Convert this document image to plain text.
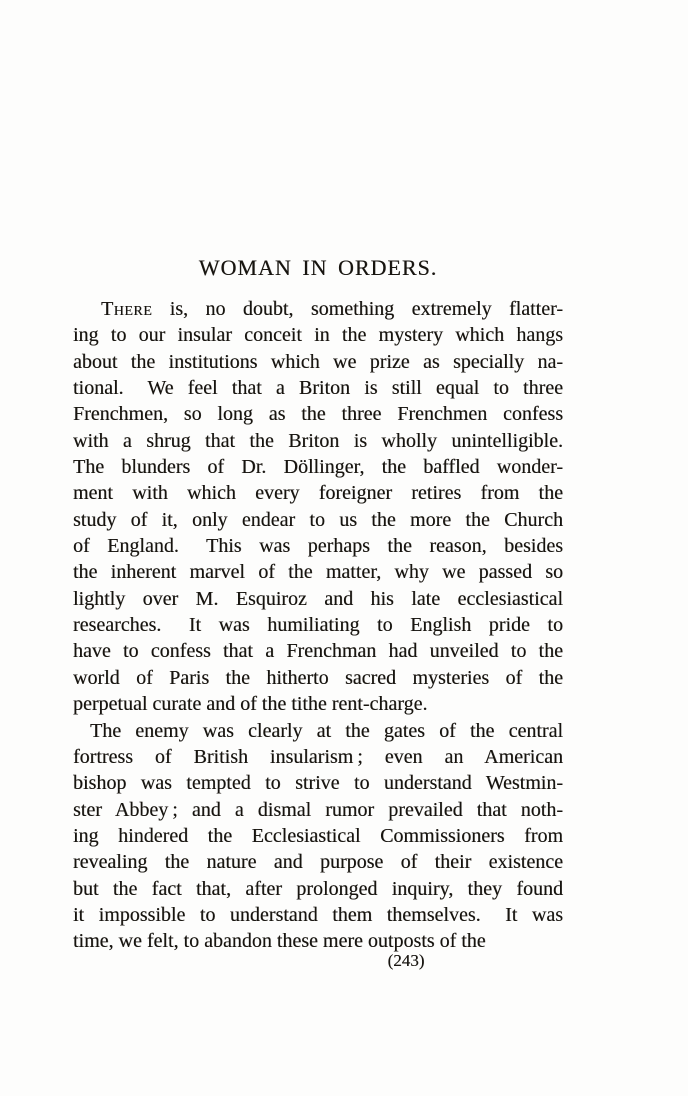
WOMAN IN ORDERS.
There is, no doubt, something extremely flatter-
ing to our insular conceit in the mystery which hangs
about the institutions which we prize as specially na-
tional.  We feel that a Briton is still equal to three
Frenchmen, so long as the three Frenchmen confess
with a shrug that the Briton is wholly unintelligible.
The blunders of Dr. Döllinger, the baffled wonder-
ment with which every foreigner retires from the
study of it, only endear to us the more the Church
of England.  This was perhaps the reason, besides
the inherent marvel of the matter, why we passed so
lightly over M. Esquiroz and his late ecclesiastical
researches.  It was humiliating to English pride to
have to confess that a Frenchman had unveiled to the
world of Paris the hitherto sacred mysteries of the
perpetual curate and of the tithe rent-charge.
The enemy was clearly at the gates of the central
fortress of British insularism ; even an American
bishop was tempted to strive to understand Westmin-
ster Abbey ; and a dismal rumor prevailed that noth-
ing hindered the Ecclesiastical Commissioners from
revealing the nature and purpose of their existence
but the fact that, after prolonged inquiry, they found
it impossible to understand them themselves.  It was
time, we felt, to abandon these mere outposts of the
(243)
